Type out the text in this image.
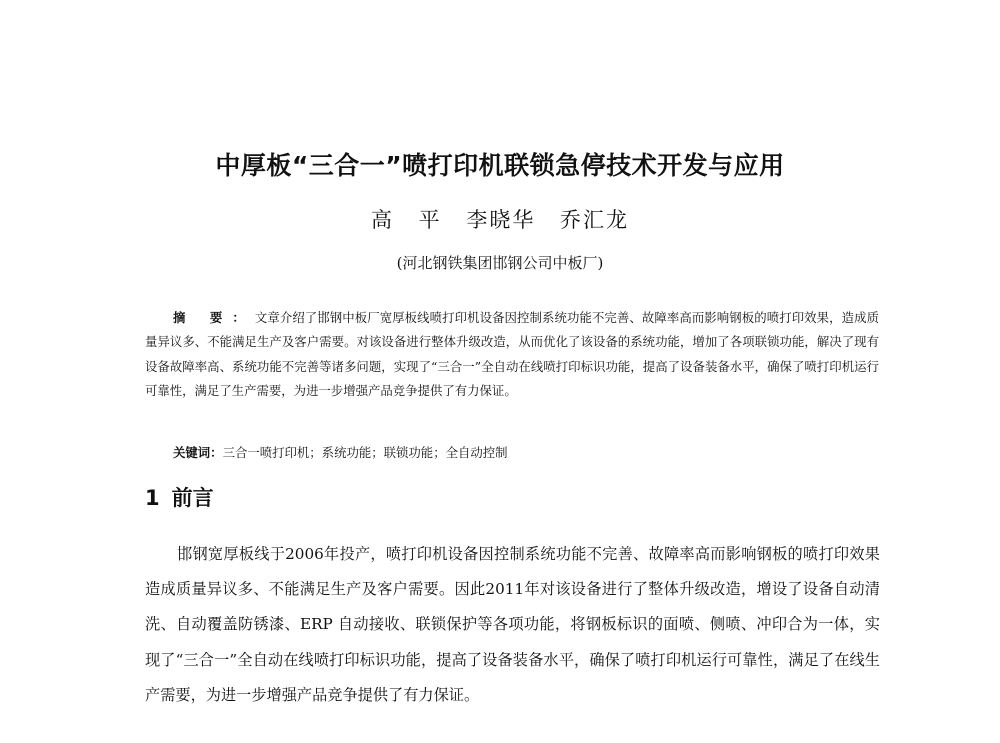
中厚板“三合一”喷打印机联锁急停技术开发与应用
高 平 李晓华 乔汇龙
(河北钢铁集团邯钢公司中板厂)

摘 要：文章介绍了邯钢中板厂宽厚板线喷打印机设备因控制系统功能不完善、故障率高而影响钢板的喷打印效果，造成质量异议多、不能满足生产及客户需要。对该设备进行整体升级改造，从而优化了该设备的系统功能，增加了各项联锁功能，解决了现有设备故障率高、系统功能不完善等诸多问题，实现了“三合一”全自动在线喷打印标识功能，提高了设备装备水平，确保了喷打印机运行可靠性，满足了生产需要，为进一步增强产品竞争提供了有力保证。

关键词：三合一喷打印机；系统功能；联锁功能；全自动控制

1 前言

邯钢宽厚板线于2006年投产，喷打印机设备因控制系统功能不完善、故障率高而影响钢板的喷打印效果造成质量异议多、不能满足生产及客户需要。因此2011年对该设备进行了整体升级改造，增设了设备自动清洗、自动覆盖防锈漆、ERP 自动接收、联锁保护等各项功能，将钢板标识的面喷、侧喷、冲印合为一体，实现了“三合一”全自动在线喷打印标识功能，提高了设备装备水平，确保了喷打印机运行可靠性，满足了在线生产需要，为进一步增强产品竞争提供了有力保证。
